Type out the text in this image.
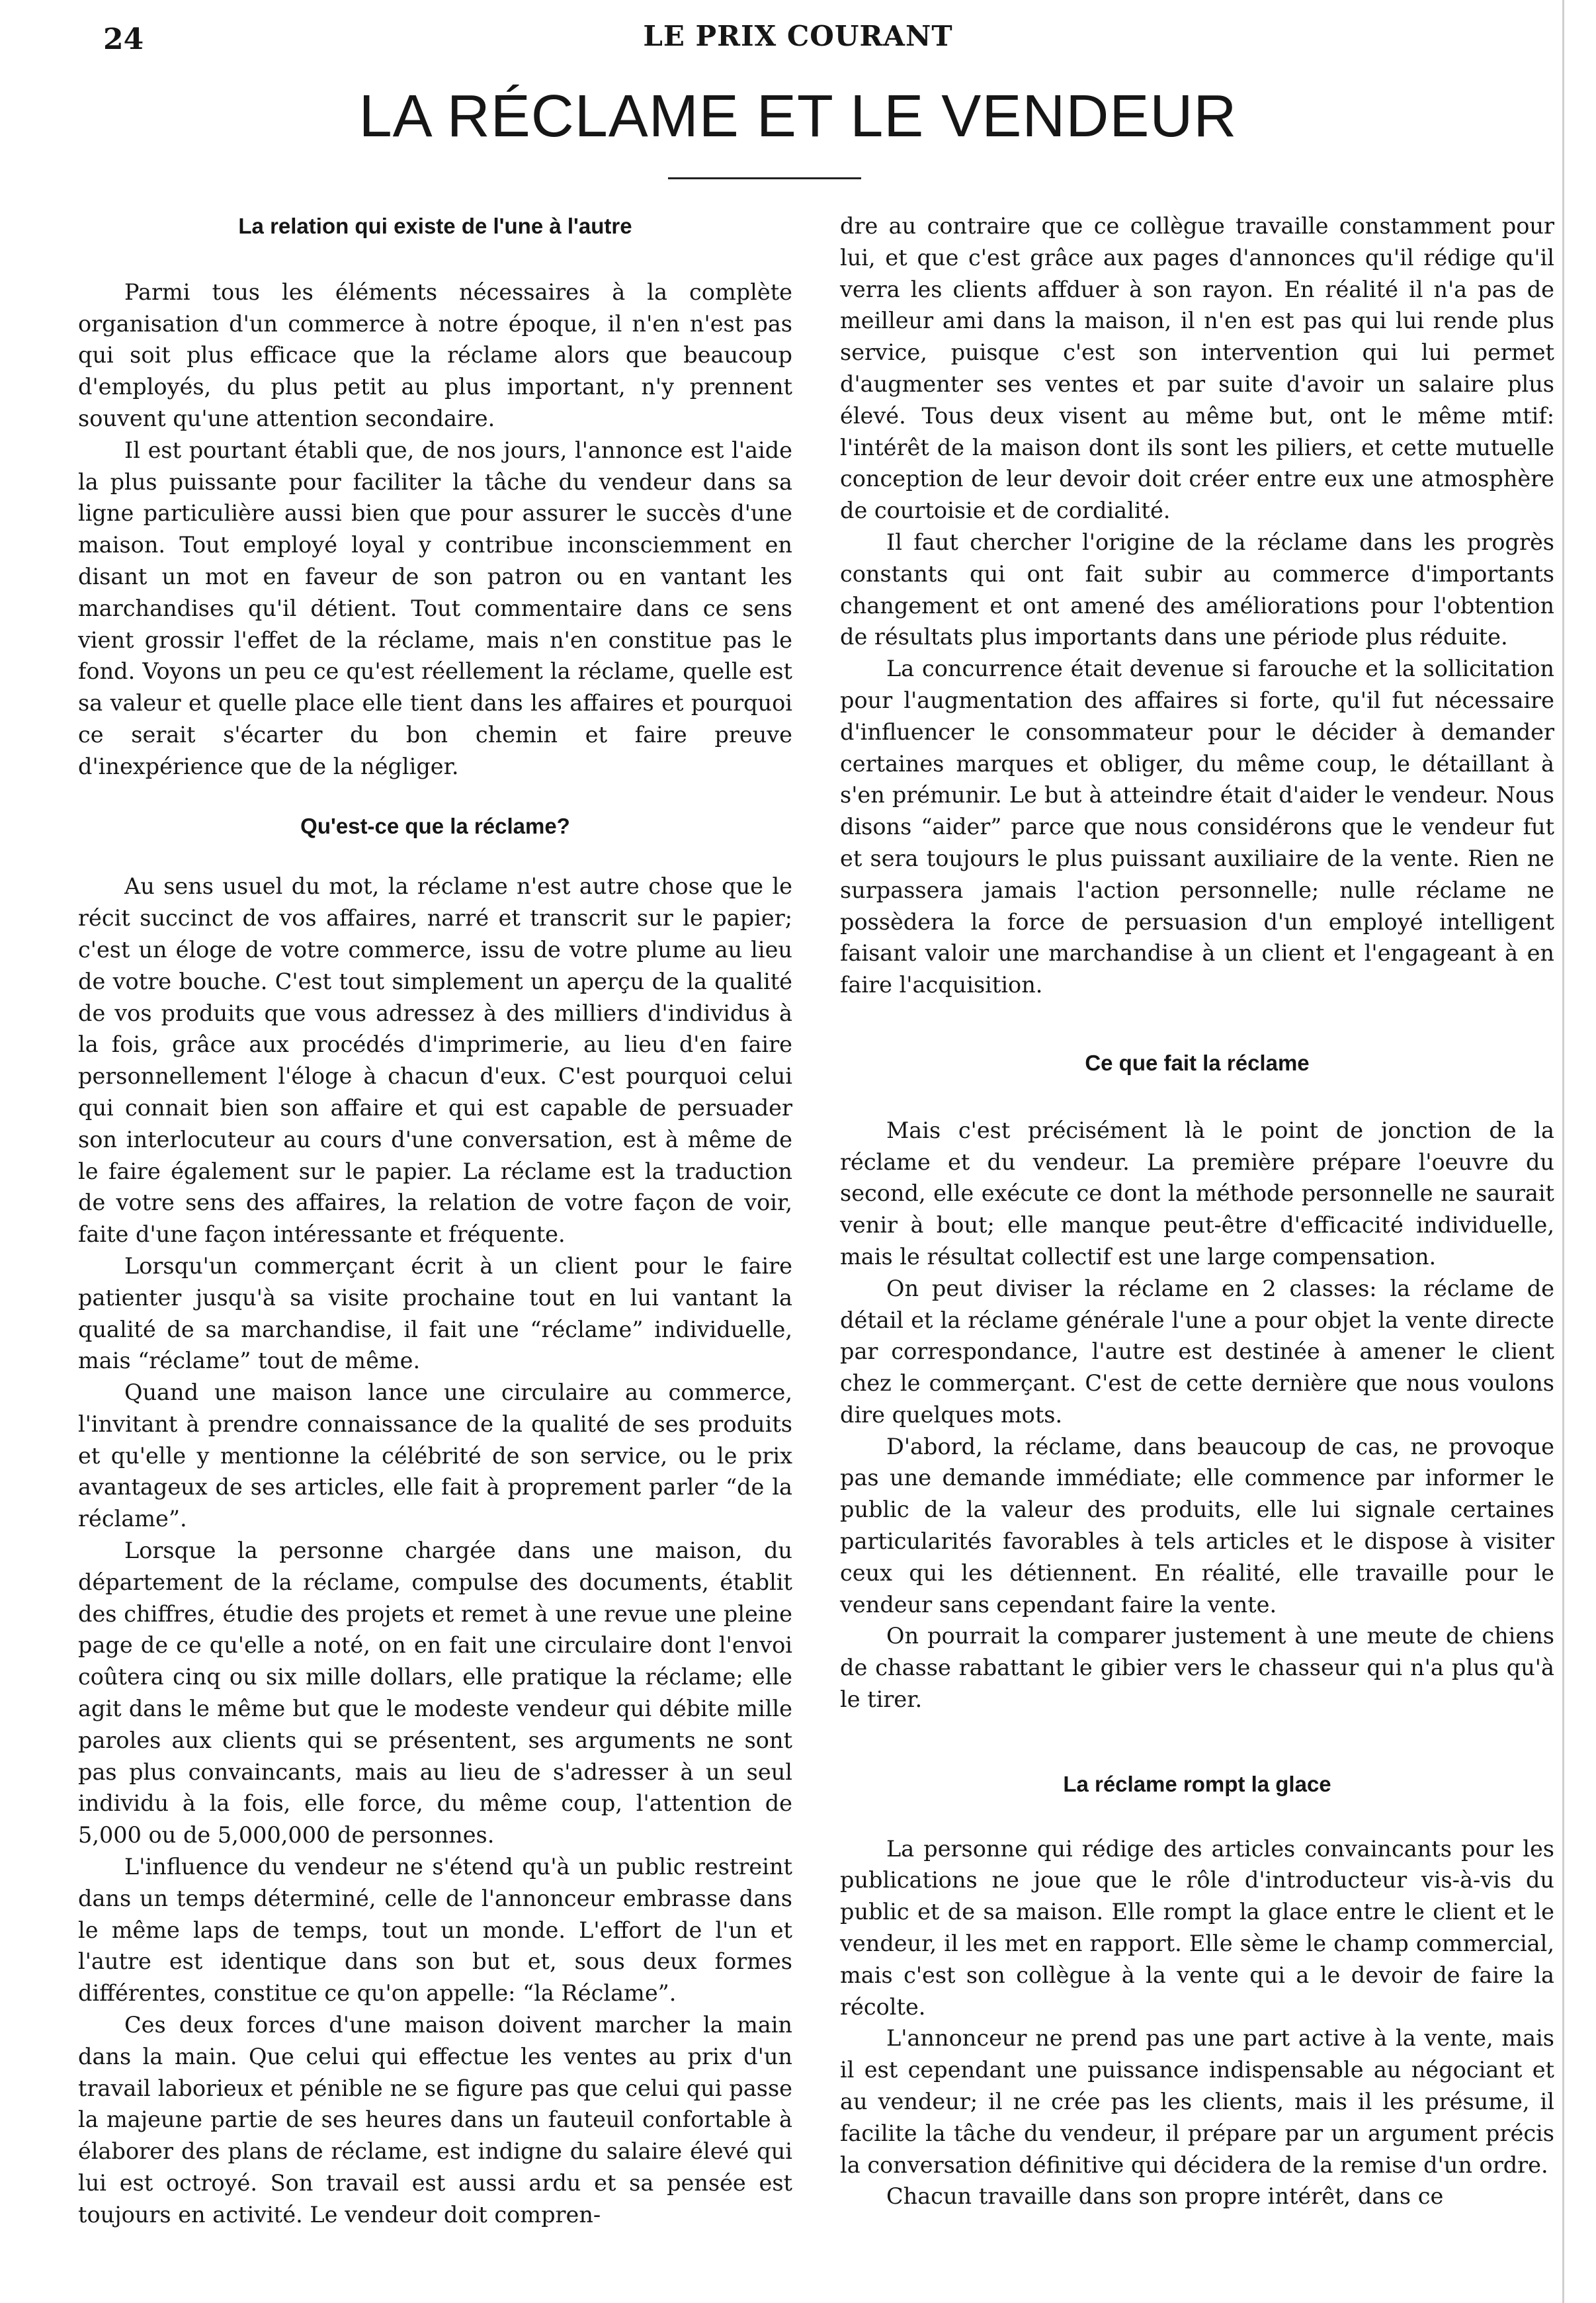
24	LE PRIX COURANT
LA RÉCLAME ET LE VENDEUR
La relation qui existe de l'une à l'autre

Parmi tous les éléments nécessaires à la complète organisation d'un commerce à notre époque, il n'en n'est pas qui soit plus efficace que la réclame alors que beaucoup d'employés, du plus petit au plus important, n'y prennent souvent qu'une attention secondaire.

Il est pourtant établi que, de nos jours, l'annonce est l'aide la plus puissante pour faciliter la tâche du vendeur dans sa ligne particulière aussi bien que pour assurer le succès d'une maison. Tout employé loyal y contribue inconsciemment en disant un mot en faveur de son patron ou en vantant les marchandises qu'il détient. Tout commentaire dans ce sens vient grossir l'effet de la réclame, mais n'en constitue pas le fond. Voyons un peu ce qu'est réellement la réclame, quelle est sa valeur et quelle place elle tient dans les affaires et pourquoi ce serait s'écarter du bon chemin et faire preuve d'inexpérience que de la négliger.

Qu'est-ce que la réclame?

Au sens usuel du mot, la réclame n'est autre chose que le récit succinct de vos affaires, narré et transcrit sur le papier; c'est un éloge de votre commerce, issu de votre plume au lieu de votre bouche. C'est tout simplement un aperçu de la qualité de vos produits que vous adressez à des milliers d'individus à la fois, grâce aux procédés d'imprimerie, au lieu d'en faire personnellement l'éloge à chacun d'eux. C'est pourquoi celui qui connait bien son affaire et qui est capable de persuader son interlocuteur au cours d'une conversation, est à même de le faire également sur le papier. La réclame est la traduction de votre sens des affaires, la relation de votre façon de voir, faite d'une façon intéressante et fréquente.

Lorsqu'un commerçant écrit à un client pour le faire patienter jusqu'à sa visite prochaine tout en lui vantant la qualité de sa marchandise, il fait une “réclame” individuelle, mais “réclame” tout de même.

Quand une maison lance une circulaire au commerce, l'invitant à prendre connaissance de la qualité de ses produits et qu'elle y mentionne la célébrité de son service, ou le prix avantageux de ses articles, elle fait à proprement parler “de la réclame”.

Lorsque la personne chargée dans une maison, du département de la réclame, compulse des documents, établit des chiffres, étudie des projets et remet à une revue une pleine page de ce qu'elle a noté, on en fait une circulaire dont l'envoi coûtera cinq ou six mille dollars, elle pratique la réclame; elle agit dans le même but que le modeste vendeur qui débite mille paroles aux clients qui se présentent, ses arguments ne sont pas plus convaincants, mais au lieu de s'adresser à un seul individu à la fois, elle force, du même coup, l'attention de 5,000 ou de 5,000,000 de personnes.

L'influence du vendeur ne s'étend qu'à un public restreint dans un temps déterminé, celle de l'annonceur embrasse dans le même laps de temps, tout un monde. L'effort de l'un et l'autre est identique dans son but et, sous deux formes différentes, constitue ce qu'on appelle: “la Réclame”.

Ces deux forces d'une maison doivent marcher la main dans la main. Que celui qui effectue les ventes au prix d'un travail laborieux et pénible ne se figure pas que celui qui passe la majeune partie de ses heures dans un fauteuil confortable à élaborer des plans de réclame, est indigne du salaire élevé qui lui est octroyé. Son travail est aussi ardu et sa pensée est toujours en activité. Le vendeur doit compren-

dre au contraire que ce collègue travaille constamment pour lui, et que c'est grâce aux pages d'annonces qu'il rédige qu'il verra les clients affduer à son rayon. En réalité il n'a pas de meilleur ami dans la maison, il n'en est pas qui lui rende plus service, puisque c'est son intervention qui lui permet d'augmenter ses ventes et par suite d'avoir un salaire plus élevé. Tous deux visent au même but, ont le même mtif: l'intérêt de la maison dont ils sont les piliers, et cette mutuelle conception de leur devoir doit créer entre eux une atmosphère de courtoisie et de cordialité.

Il faut chercher l'origine de la réclame dans les progrès constants qui ont fait subir au commerce d'importants changement et ont amené des améliorations pour l'obtention de résultats plus importants dans une période plus réduite.

La concurrence était devenue si farouche et la sollicitation pour l'augmentation des affaires si forte, qu'il fut nécessaire d'influencer le consommateur pour le décider à demander certaines marques et obliger, du même coup, le détaillant à s'en prémunir. Le but à atteindre était d'aider le vendeur. Nous disons “aider” parce que nous considérons que le vendeur fut et sera toujours le plus puissant auxiliaire de la vente. Rien ne surpassera jamais l'action personnelle; nulle réclame ne possèdera la force de persuasion d'un employé intelligent faisant valoir une marchandise à un client et l'engageant à en faire l'acquisition.

Ce que fait la réclame

Mais c'est précisément là le point de jonction de la réclame et du vendeur. La première prépare l'oeuvre du second, elle exécute ce dont la méthode personnelle ne saurait venir à bout; elle manque peut-être d'efficacité individuelle, mais le résultat collectif est une large compensation.

On peut diviser la réclame en 2 classes: la réclame de détail et la réclame générale l'une a pour objet la vente directe par correspondance, l'autre est destinée à amener le client chez le commerçant. C'est de cette dernière que nous voulons dire quelques mots.

D'abord, la réclame, dans beaucoup de cas, ne provoque pas une demande immédiate; elle commence par informer le public de la valeur des produits, elle lui signale certaines particularités favorables à tels articles et le dispose à visiter ceux qui les détiennent. En réalité, elle travaille pour le vendeur sans cependant faire la vente.

On pourrait la comparer justement à une meute de chiens de chasse rabattant le gibier vers le chasseur qui n'a plus qu'à le tirer.

La réclame rompt la glace

La personne qui rédige des articles convaincants pour les publications ne joue que le rôle d'introducteur vis-à-vis du public et de sa maison. Elle rompt la glace entre le client et le vendeur, il les met en rapport. Elle sème le champ commercial, mais c'est son collègue à la vente qui a le devoir de faire la récolte.

L'annonceur ne prend pas une part active à la vente, mais il est cependant une puissance indispensable au négociant et au vendeur; il ne crée pas les clients, mais il les présume, il facilite la tâche du vendeur, il prépare par un argument précis la conversation définitive qui décidera de la remise d'un ordre.

Chacun travaille dans son propre intérêt, dans ce
